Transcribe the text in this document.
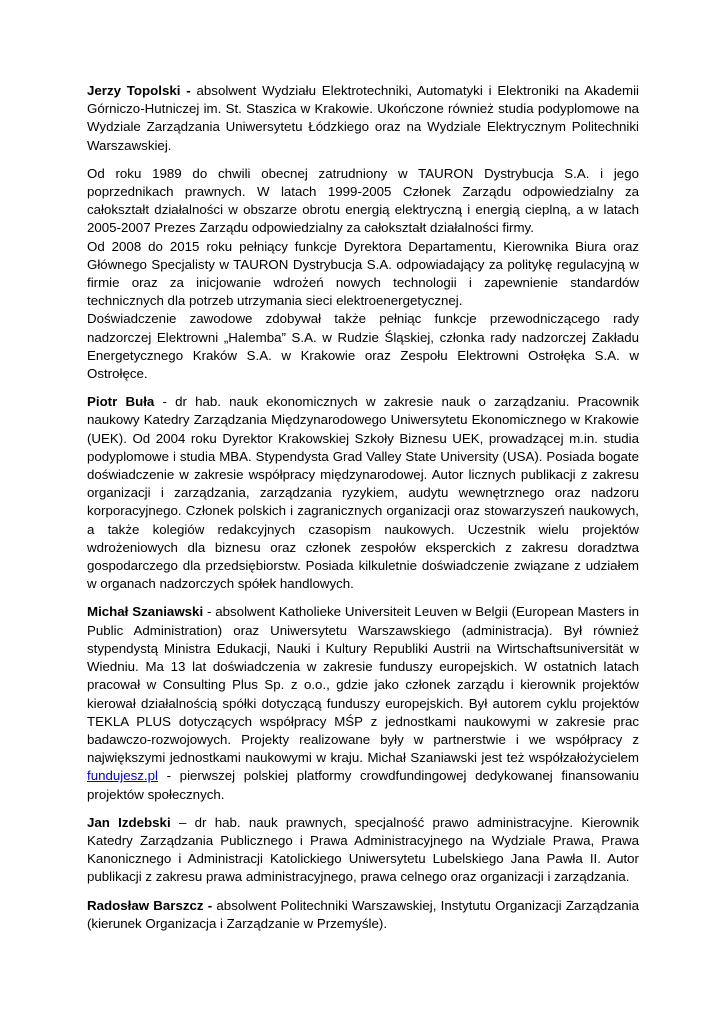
Jerzy Topolski - absolwent Wydziału Elektrotechniki, Automatyki i Elektroniki na Akademii Górniczo-Hutniczej im. St. Staszica w Krakowie. Ukończone również studia podyplomowe na Wydziale Zarządzania Uniwersytetu Łódzkiego oraz na Wydziale Elektrycznym Politechniki Warszawskiej.

Od roku 1989 do chwili obecnej zatrudniony w TAURON Dystrybucja S.A. i jego poprzednikach prawnych. W latach 1999-2005 Członek Zarządu odpowiedzialny za całokształt działalności w obszarze obrotu energią elektryczną i energią cieplną, a w latach 2005-2007 Prezes Zarządu odpowiedzialny za całokształt działalności firmy.

Od 2008 do 2015 roku pełniący funkcje Dyrektora Departamentu, Kierownika Biura oraz Głównego Specjalisty w TAURON Dystrybucja S.A. odpowiadający za politykę regulacyjną w firmie oraz za inicjowanie wdrożeń nowych technologii i zapewnienie standardów technicznych dla potrzeb utrzymania sieci elektroenergetycznej.

Doświadczenie zawodowe zdobywał także pełniąc funkcje przewodniczącego rady nadzorczej Elektrowni „Halemba” S.A. w Rudzie Śląskiej, członka rady nadzorczej Zakładu Energetycznego Kraków S.A. w Krakowie oraz Zespołu Elektrowni Ostrołęka S.A. w Ostrołęce.

Piotr Buła - dr hab. nauk ekonomicznych w zakresie nauk o zarządzaniu. Pracownik naukowy Katedry Zarządzania Międzynarodowego Uniwersytetu Ekonomicznego w Krakowie (UEK). Od 2004 roku Dyrektor Krakowskiej Szkoły Biznesu UEK, prowadzącej m.in. studia podyplomowe i studia MBA. Stypendysta Grad Valley State University (USA). Posiada bogate doświadczenie w zakresie współpracy międzynarodowej. Autor licznych publikacji z zakresu organizacji i zarządzania, zarządzania ryzykiem, audytu wewnętrznego oraz nadzoru korporacyjnego. Członek polskich i zagranicznych organizacji oraz stowarzyszeń naukowych, a także kolegiów redakcyjnych czasopism naukowych. Uczestnik wielu projektów wdrożeniowych dla biznesu oraz członek zespołów eksperckich z zakresu doradztwa gospodarczego dla przedsiębiorstw. Posiada kilkuletnie doświadczenie związane z udziałem w organach nadzorczych spółek handlowych.

Michał Szaniawski - absolwent Katholieke Universiteit Leuven w Belgii (European Masters in Public Administration) oraz Uniwersytetu Warszawskiego (administracja). Był również stypendystą Ministra Edukacji, Nauki i Kultury Republiki Austrii na Wirtschaftsuniversität w Wiedniu. Ma 13 lat doświadczenia w zakresie funduszy europejskich. W ostatnich latach pracował w Consulting Plus Sp. z o.o., gdzie jako członek zarządu i kierownik projektów kierował działalnością spółki dotyczącą funduszy europejskich. Był autorem cyklu projektów TEKLA PLUS dotyczących współpracy MŚP z jednostkami naukowymi w zakresie prac badawczo-rozwojowych. Projekty realizowane były w partnerstwie i we współpracy z największymi jednostkami naukowymi w kraju. Michał Szaniawski jest też współzałożycielem fundujesz.pl - pierwszej polskiej platformy crowdfundingowej dedykowanej finansowaniu projektów społecznych.

Jan Izdebski – dr hab. nauk prawnych, specjalność prawo administracyjne. Kierownik Katedry Zarządzania Publicznego i Prawa Administracyjnego na Wydziale Prawa, Prawa Kanonicznego i Administracji Katolickiego Uniwersytetu Lubelskiego Jana Pawła II. Autor publikacji z zakresu prawa administracyjnego, prawa celnego oraz organizacji i zarządzania.

Radosław Barszcz - absolwent Politechniki Warszawskiej, Instytutu Organizacji Zarządzania (kierunek Organizacja i Zarządzanie w Przemyśle).
